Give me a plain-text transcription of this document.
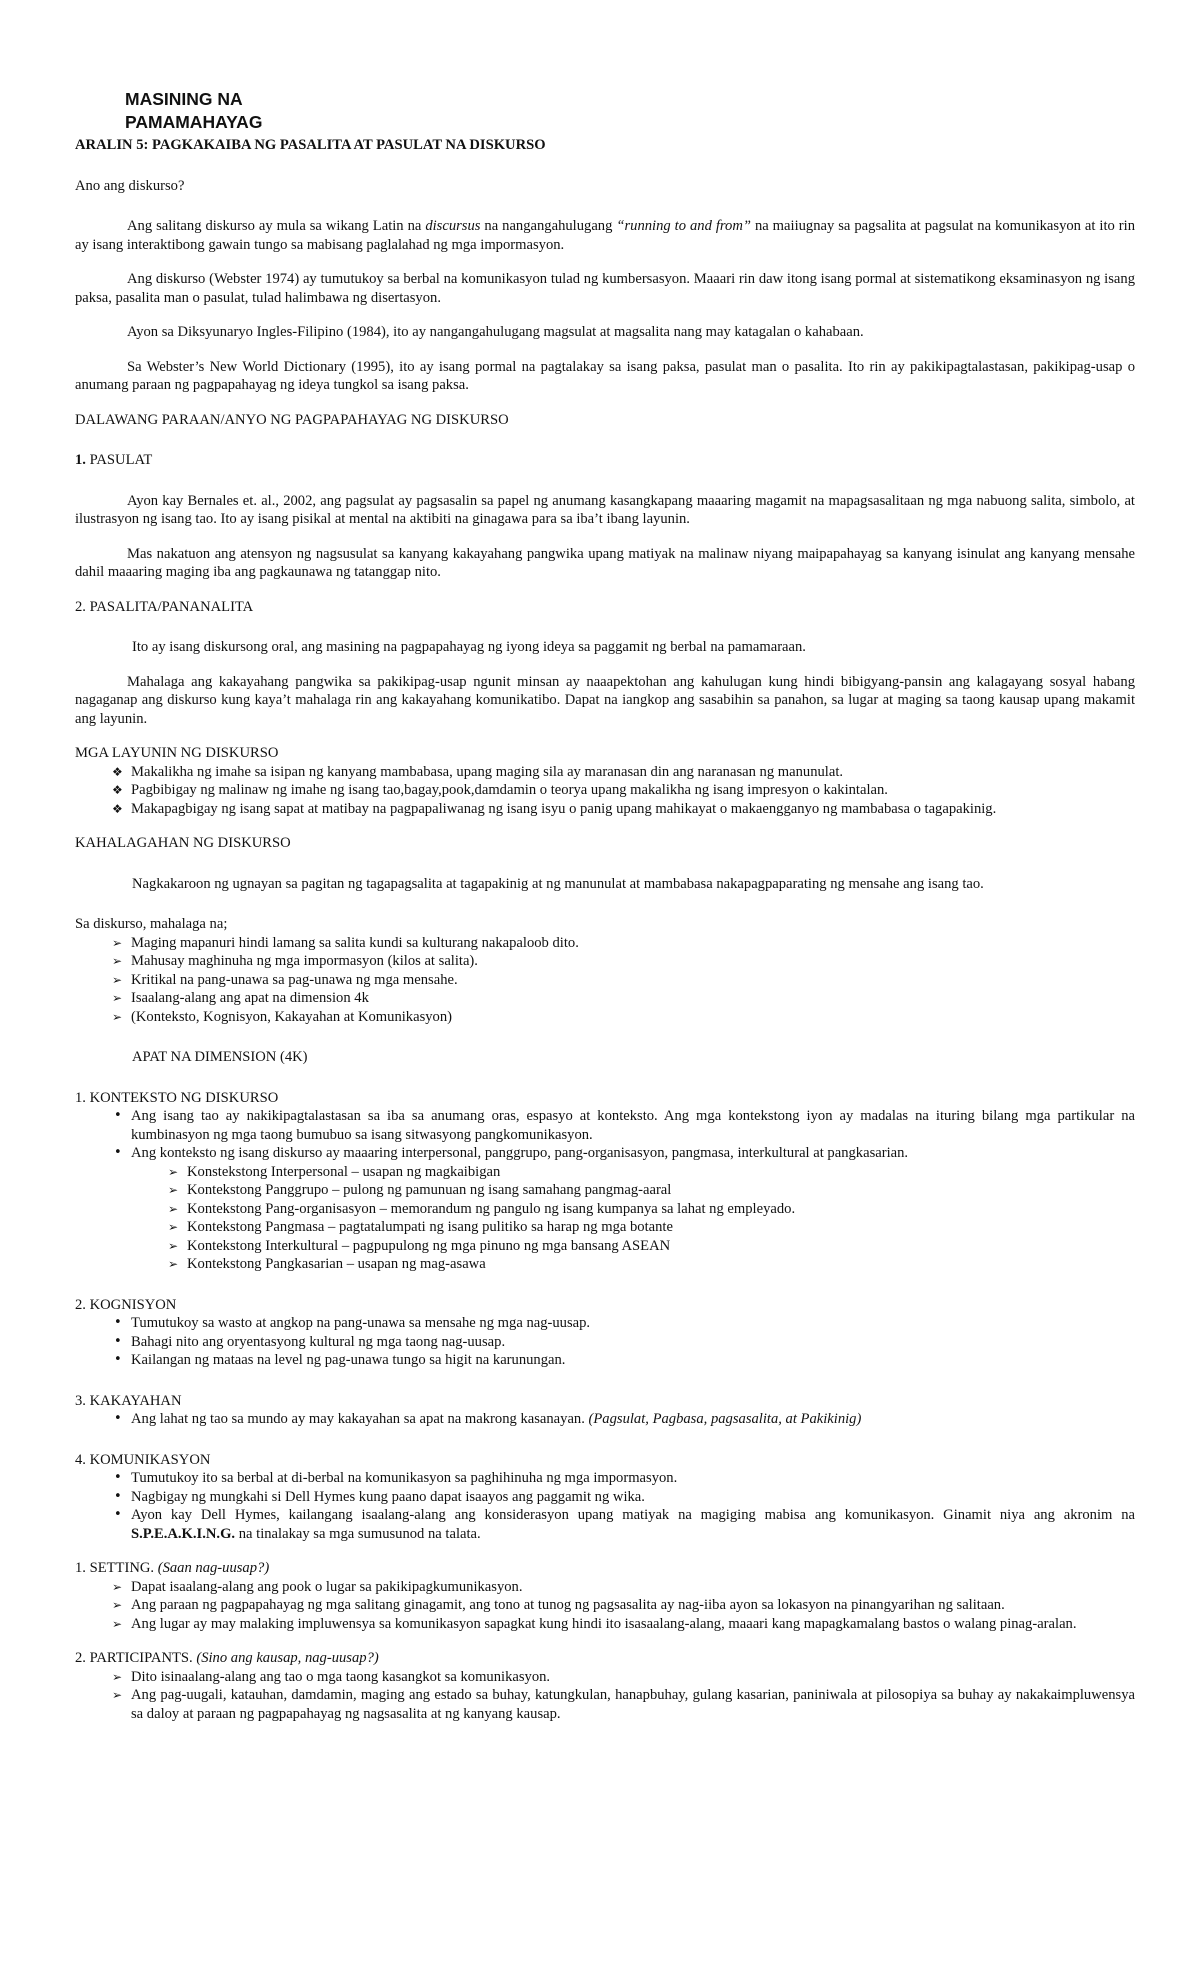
MASINING NA
PAMAMAHAYAG

ARALIN 5: PAGKAKAIBA NG PASALITA AT PASULAT NA DISKURSO

Ano ang diskurso?

Ang salitang diskurso ay mula sa wikang Latin na discursus na nangangahulugang “running to and from” na maiiugnay sa pagsalita at pagsulat na komunikasyon at ito rin ay isang interaktibong gawain tungo sa mabisang paglalahad ng mga impormasyon.

Ang diskurso (Webster 1974) ay tumutukoy sa berbal na komunikasyon tulad ng kumbersasyon. Maaari rin daw itong isang pormal at sistematikong eksaminasyon ng isang paksa, pasalita man o pasulat, tulad halimbawa ng disertasyon.

Ayon sa Diksyunaryo Ingles-Filipino (1984), ito ay nangangahulugang magsulat at magsalita nang may katagalan o kahabaan.

Sa Webster’s New World Dictionary (1995), ito ay isang pormal na pagtalakay sa isang paksa, pasulat man o pasalita. Ito rin ay pakikipagtalastasan, pakikipag-usap o anumang paraan ng pagpapahayag ng ideya tungkol sa isang paksa.

DALAWANG PARAAN/ANYO NG PAGPAPAHAYAG NG DISKURSO

1. PASULAT

Ayon kay Bernales et. al., 2002, ang pagsulat ay pagsasalin sa papel ng anumang kasangkapang maaaring magamit na mapagsasalitaan ng mga nabuong salita, simbolo, at ilustrasyon ng isang tao. Ito ay isang pisikal at mental na aktibiti na ginagawa para sa iba’t ibang layunin.

Mas nakatuon ang atensyon ng nagsusulat sa kanyang kakayahang pangwika upang matiyak na malinaw niyang maipapahayag sa kanyang isinulat ang kanyang mensahe dahil maaaring maging iba ang pagkaunawa ng tatanggap nito.

2. PASALITA/PANANALITA

Ito ay isang diskursong oral, ang masining na pagpapahayag ng iyong ideya sa paggamit ng berbal na pamamaraan.

Mahalaga ang kakayahang pangwika sa pakikipag-usap ngunit minsan ay naaapektohan ang kahulugan kung hindi bibigyang-pansin ang kalagayang sosyal habang nagaganap ang diskurso kung kaya’t mahalaga rin ang kakayahang komunikatibo. Dapat na iangkop ang sasabihin sa panahon, sa lugar at maging sa taong kausap upang makamit ang layunin.

MGA LAYUNIN NG DISKURSO

❖ Makalikha ng imahe sa isipan ng kanyang mambabasa, upang maging sila ay maranasan din ang naranasan ng manunulat.
❖ Pagbibigay ng malinaw ng imahe ng isang tao,bagay,pook,damdamin o teorya upang makalikha ng isang impresyon o kakintalan.
❖ Makapagbigay ng isang sapat at matibay na pagpapaliwanag ng isang isyu o panig upang mahikayat o makaengganyo ng mambabasa o tagapakinig.

KAHALAGAHAN NG DISKURSO

Nagkakaroon ng ugnayan sa pagitan ng tagapagsalita at tagapakinig at ng manunulat at mambabasa nakapagpaparating ng mensahe ang isang tao.

Sa diskurso, mahalaga na;

➢ Maging mapanuri hindi lamang sa salita kundi sa kulturang nakapaloob dito.
➢ Mahusay maghinuha ng mga impormasyon (kilos at salita).
➢ Kritikal na pang-unawa sa pag-unawa ng mga mensahe.
➢ Isaalang-alang ang apat na dimension 4k
➢ (Konteksto, Kognisyon, Kakayahan at Komunikasyon)

APAT NA DIMENSION (4K)

1. KONTEKSTO NG DISKURSO

• Ang isang tao ay nakikipagtalastasan sa iba sa anumang oras, espasyo at konteksto. Ang mga kontekstong iyon ay madalas na ituring bilang mga partikular na kumbinasyon ng mga taong bumubuo sa isang sitwasyong pangkomunikasyon.
• Ang konteksto ng isang diskurso ay maaaring interpersonal, panggrupo, pang-organisasyon, pangmasa, interkultural at pangkasarian.
➢ Konstekstong Interpersonal – usapan ng magkaibigan
➢ Kontekstong Panggrupo – pulong ng pamunuan ng isang samahang pangmag-aaral
➢ Kontekstong Pang-organisasyon – memorandum ng pangulo ng isang kumpanya sa lahat ng empleyado.
➢ Kontekstong Pangmasa – pagtatalumpati ng isang pulitiko sa harap ng mga botante
➢ Kontekstong Interkultural – pagpupulong ng mga pinuno ng mga bansang ASEAN
➢ Kontekstong Pangkasarian – usapan ng mag-asawa

2. KOGNISYON

• Tumutukoy sa wasto at angkop na pang-unawa sa mensahe ng mga nag-uusap.
• Bahagi nito ang oryentasyong kultural ng mga taong nag-uusap.
• Kailangan ng mataas na level ng pag-unawa tungo sa higit na karunungan.

3. KAKAYAHAN

• Ang lahat ng tao sa mundo ay may kakayahan sa apat na makrong kasanayan. (Pagsulat, Pagbasa, pagsasalita, at Pakikinig)

4. KOMUNIKASYON

• Tumutukoy ito sa berbal at di-berbal na komunikasyon sa paghihinuha ng mga impormasyon.
• Nagbigay ng mungkahi si Dell Hymes kung paano dapat isaayos ang paggamit ng wika.
• Ayon kay Dell Hymes, kailangang isaalang-alang ang konsiderasyon upang matiyak na magiging mabisa ang komunikasyon. Ginamit niya ang akronim na S.P.E.A.K.I.N.G. na tinalakay sa mga sumusunod na talata.

1. SETTING. (Saan nag-uusap?)

➢ Dapat isaalang-alang ang pook o lugar sa pakikipagkumunikasyon.
➢ Ang paraan ng pagpapahayag ng mga salitang ginagamit, ang tono at tunog ng pagsasalita ay nag-iiba ayon sa lokasyon na pinangyarihan ng salitaan.
➢ Ang lugar ay may malaking impluwensya sa komunikasyon sapagkat kung hindi ito isasaalang-alang, maaari kang mapagkamalang bastos o walang pinag-aralan.

2. PARTICIPANTS. (Sino ang kausap, nag-uusap?)

➢ Dito isinaalang-alang ang tao o mga taong kasangkot sa komunikasyon.
➢ Ang pag-uugali, katauhan, damdamin, maging ang estado sa buhay, katungkulan, hanapbuhay, gulang kasarian, paniniwala at pilosopiya sa buhay ay nakakaimpluwensya sa daloy at paraan ng pagpapahayag ng nagsasalita at ng kanyang kausap.
